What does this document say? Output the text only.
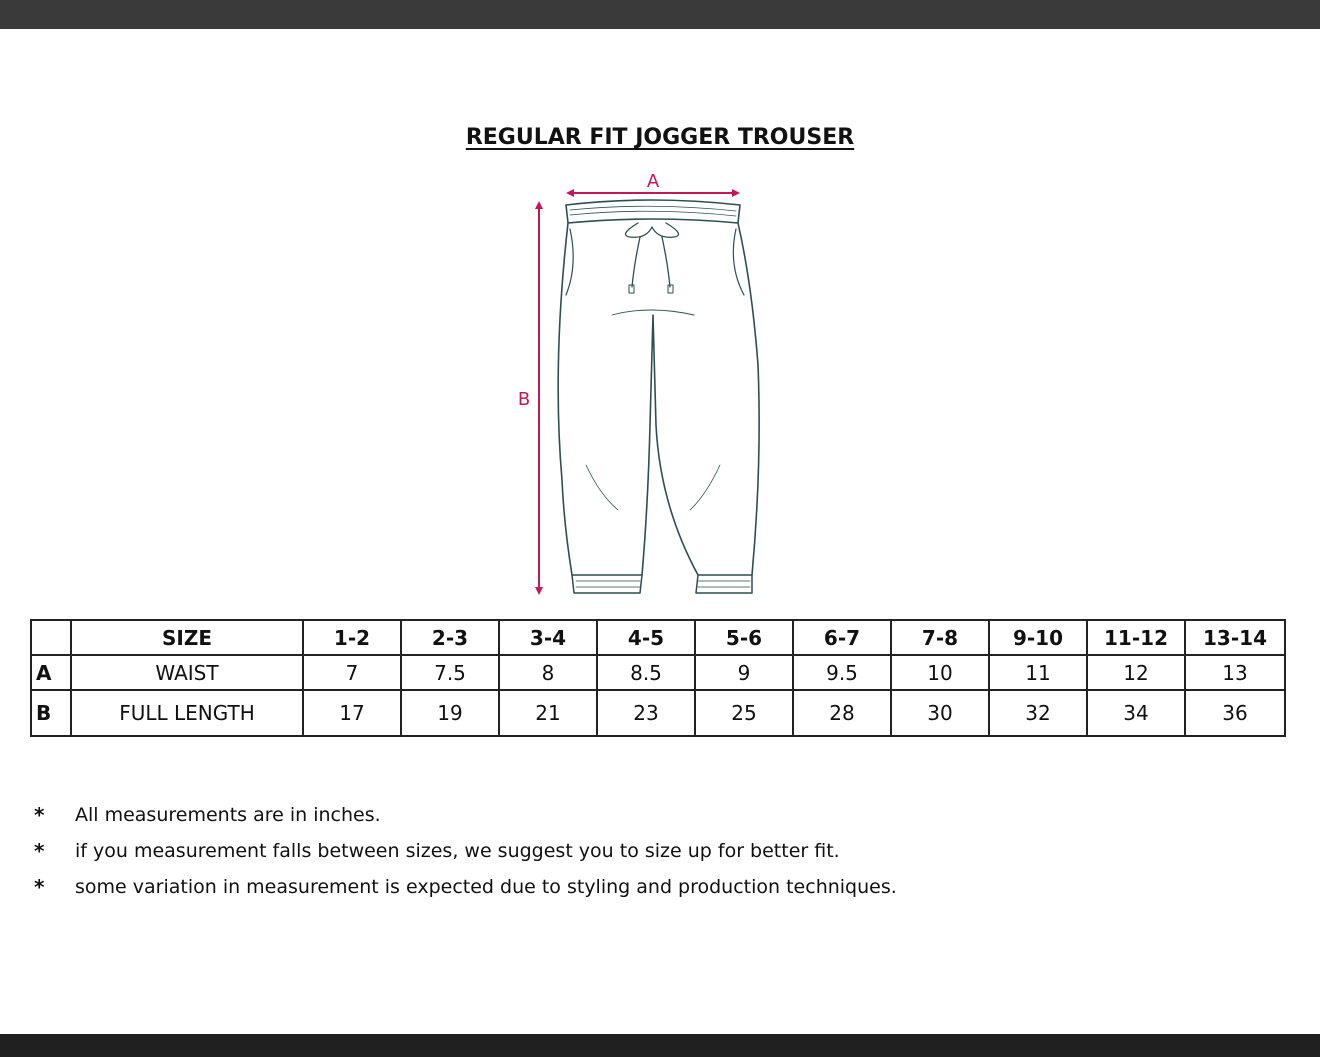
REGULAR FIT JOGGER TROUSER
A
B
	SIZE	1-2	2-3	3-4	4-5	5-6	6-7	7-8	9-10	11-12	13-14
A	WAIST	7	7.5	8	8.5	9	9.5	10	11	12	13
B	FULL LENGTH	17	19	21	23	25	28	30	32	34	36
* All measurements are in inches.
* if you measurement falls between sizes, we suggest you to size up for better fit.
* some variation in measurement is expected due to styling and production techniques.
